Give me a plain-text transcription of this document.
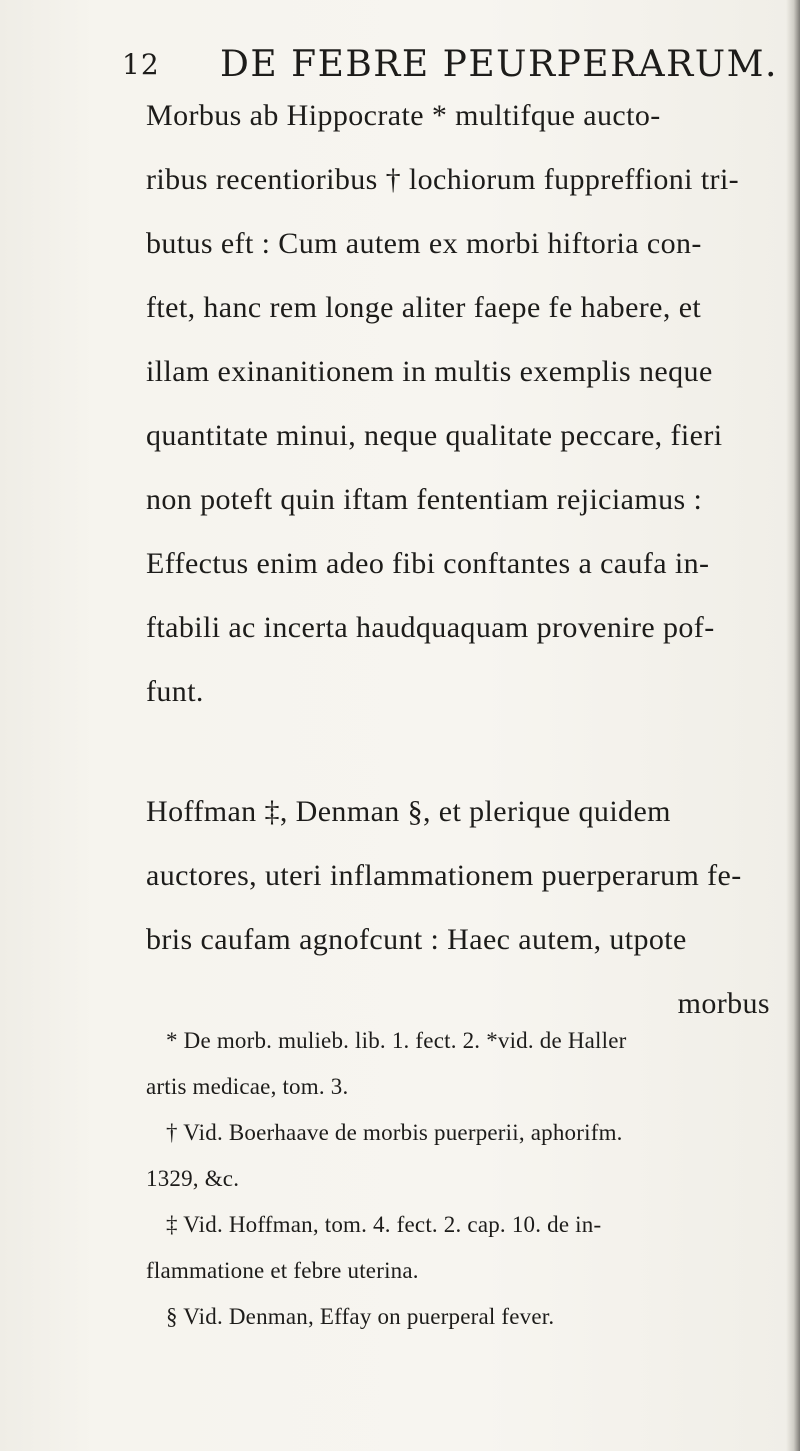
12 DE FEBRE PEURPERARUM.
Morbus ab Hippocrate * multifque aucto-
ribus recentioribus † lochiorum fuppreffioni tri-
butus eft : Cum autem ex morbi hiftoria con-
ftet, hanc rem longe aliter faepe fe habere, et
illam exinanitionem in multis exemplis neque
quantitate minui, neque qualitate peccare, fieri
non poteft quin iftam fententiam rejiciamus :
Effectus enim adeo fibi conftantes a caufa in-
ftabili ac incerta haudquaquam provenire pof-
funt.
Hoffman ‡, Denman §, et plerique quidem
auctores, uteri inflammationem puerperarum fe-
bris caufam agnofcunt : Haec autem, utpote
morbus
* De morb. mulieb. lib. 1. fect. 2. *vid. de Haller
artis medicae, tom. 3.
† Vid. Boerhaave de morbis puerperii, aphorifm.
1329, &c.
‡ Vid. Hoffman, tom. 4. fect. 2. cap. 10. de in-
flammatione et febre uterina.
§ Vid. Denman, Effay on puerperal fever.
